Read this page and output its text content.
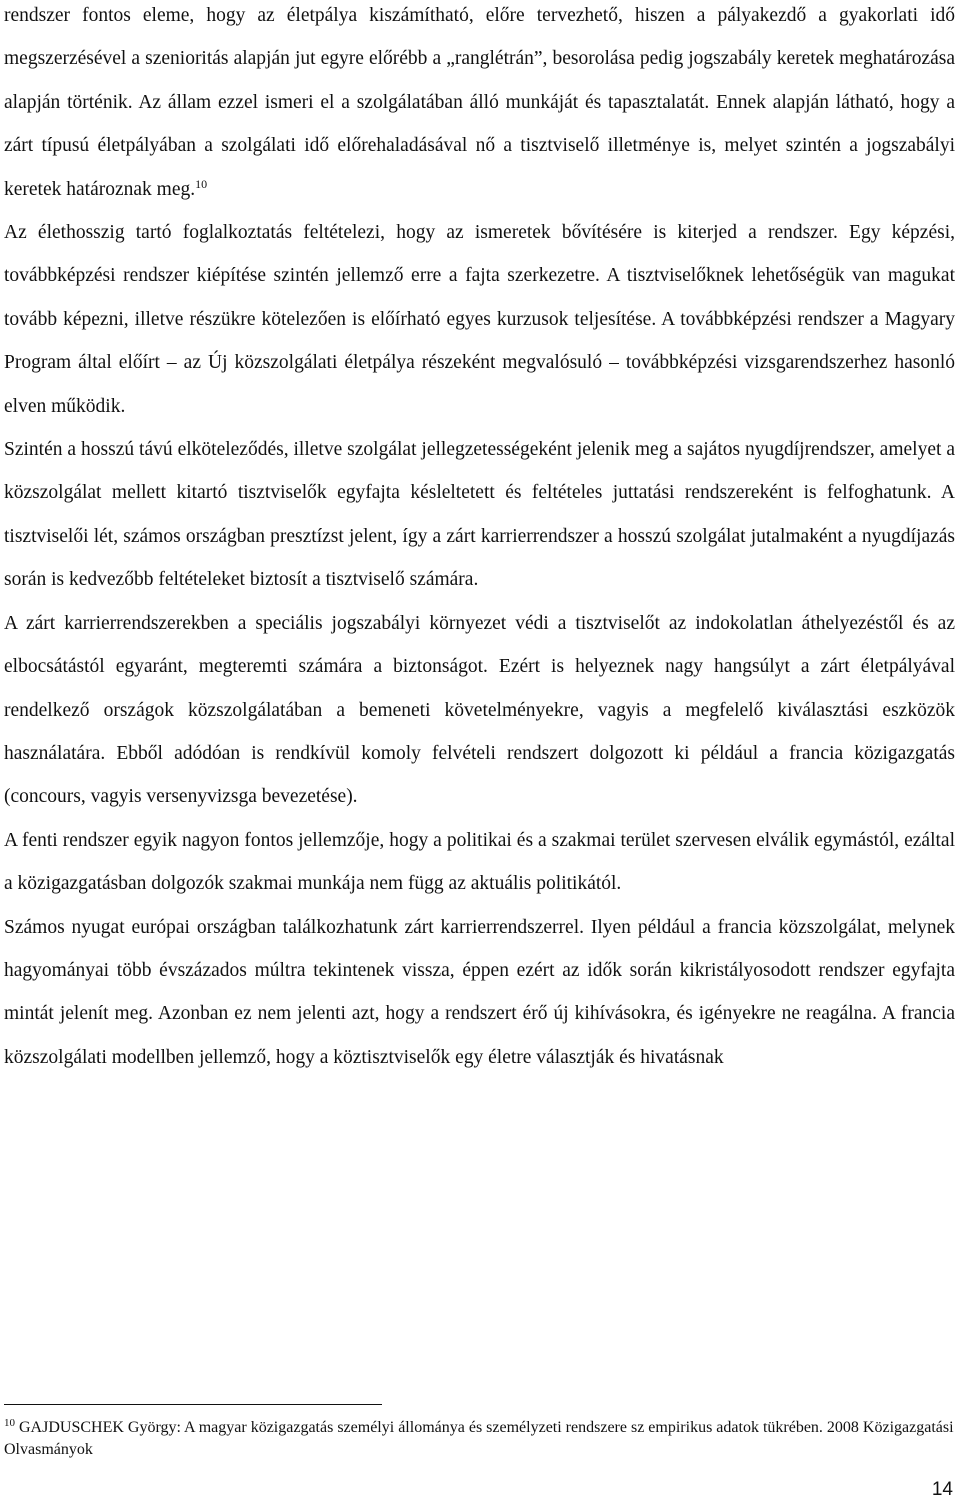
rendszer fontos eleme, hogy az életpálya kiszámítható, előre tervezhető, hiszen a pályakezdő a gyakorlati idő megszerzésével a szenioritás alapján jut egyre előrébb a „ranglétrán”, besorolása pedig jogszabály keretek meghatározása alapján történik. Az állam ezzel ismeri el a szolgálatában álló munkáját és tapasztalatát. Ennek alapján látható, hogy a zárt típusú életpályában a szolgálati idő előrehaladásával nő a tisztviselő illetménye is, melyet szintén a jogszabályi keretek határoznak meg.$^{10}$

Az élethosszig tartó foglalkoztatás feltételezi, hogy az ismeretek bővítésére is kiterjed a rendszer. Egy képzési, továbbképzési rendszer kiépítése szintén jellemző erre a fajta szerkezetre. A tisztviselőknek lehetőségük van magukat tovább képezni, illetve részükre kötelezően is előírható egyes kurzusok teljesítése. A továbbképzési rendszer a Magyary Program által előírt – az Új közszolgálati életpálya részeként megvalósuló – továbbképzési vizsgarendszerhez hasonló elven működik.

Szintén a hosszú távú elköteleződés, illetve szolgálat jellegzetességeként jelenik meg a sajátos nyugdíjrendszer, amelyet a közszolgálat mellett kitartó tisztviselők egyfajta késleltetett és feltételes juttatási rendszereként is felfoghatunk. A tisztviselői lét, számos országban presztízst jelent, így a zárt karrierrendszer a hosszú szolgálat jutalmaként a nyugdíjazás során is kedvezőbb feltételeket biztosít a tisztviselő számára.

A zárt karrierrendszerekben a speciális jogszabályi környezet védi a tisztviselőt az indokolatlan áthelyezéstől és az elbocsátástól egyaránt, megteremti számára a biztonságot. Ezért is helyeznek nagy hangsúlyt a zárt életpályával rendelkező országok közszolgálatában a bemeneti követelményekre, vagyis a megfelelő kiválasztási eszközök használatára. Ebből adódóan is rendkívül komoly felvételi rendszert dolgozott ki például a francia közigazgatás (concours, vagyis versenyvizsga bevezetése).

A fenti rendszer egyik nagyon fontos jellemzője, hogy a politikai és a szakmai terület szervesen elválik egymástól, ezáltal a közigazgatásban dolgozók szakmai munkája nem függ az aktuális politikától.

Számos nyugat európai országban találkozhatunk zárt karrierrendszerrel. Ilyen például a francia közszolgálat, melynek hagyományai több évszázados múltra tekintenek vissza, éppen ezért az idők során kikristályosodott rendszer egyfajta mintát jelenít meg. Azonban ez nem jelenti azt, hogy a rendszert érő új kihívásokra, és igényekre ne reagálna. A francia közszolgálati modellben jellemző, hogy a köztisztviselők egy életre választják és hivatásnak

$^{10}$ GAJDUSCHEK György: A magyar közigazgatás személyi állománya és személyzeti rendszere sz empirikus adatok tükrében. 2008 Közigazgatási Olvasmányok

14
